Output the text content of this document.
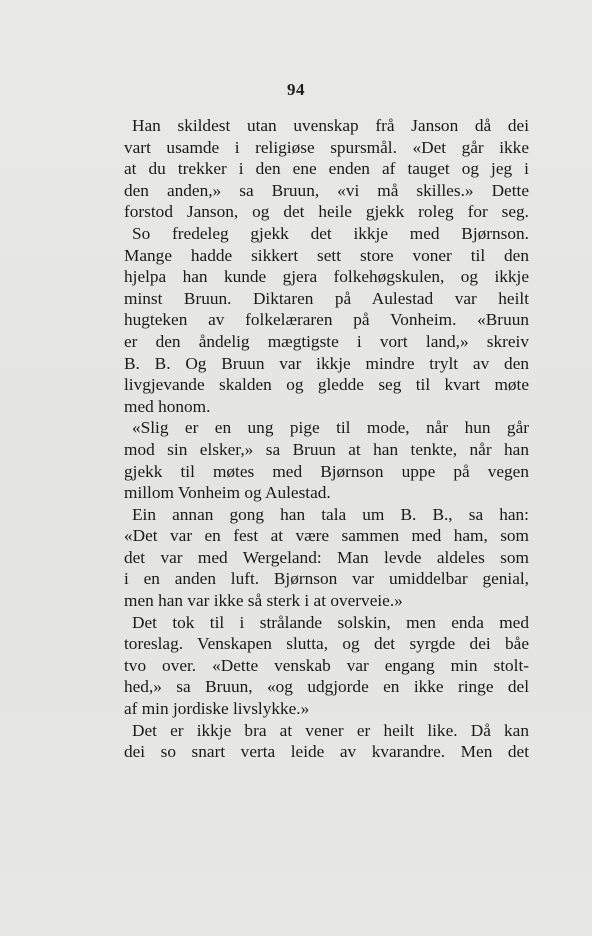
94
Han skildest utan uvenskap frå Janson då dei
vart usamde i religiøse spursmål. «Det går ikke
at du trekker i den ene enden af tauget og jeg i
den anden,» sa Bruun, «vi må skilles.» Dette
forstod Janson, og det heile gjekk roleg for seg.
So fredeleg gjekk det ikkje med Bjørnson.
Mange hadde sikkert sett store voner til den
hjelpa han kunde gjera folkehøgskulen, og ikkje
minst Bruun. Diktaren på Aulestad var heilt
hugteken av folkelæraren på Vonheim. «Bruun
er den åndelig mægtigste i vort land,» skreiv
B. B. Og Bruun var ikkje mindre trylt av den
livgjevande skalden og gledde seg til kvart møte
med honom.
«Slig er en ung pige til mode, når hun går
mod sin elsker,» sa Bruun at han tenkte, når han
gjekk til møtes med Bjørnson uppe på vegen
millom Vonheim og Aulestad.
Ein annan gong han tala um B. B., sa han:
«Det var en fest at være sammen med ham, som
det var med Wergeland: Man levde aldeles som
i en anden luft. Bjørnson var umiddelbar genial,
men han var ikke så sterk i at overveie.»
Det tok til i strålande solskin, men enda med
toreslag. Venskapen slutta, og det syrgde dei båe
tvo over. «Dette venskab var engang min stolt-
hed,» sa Bruun, «og udgjorde en ikke ringe del
af min jordiske livslykke.»
Det er ikkje bra at vener er heilt like. Då kan
dei so snart verta leide av kvarandre. Men det
